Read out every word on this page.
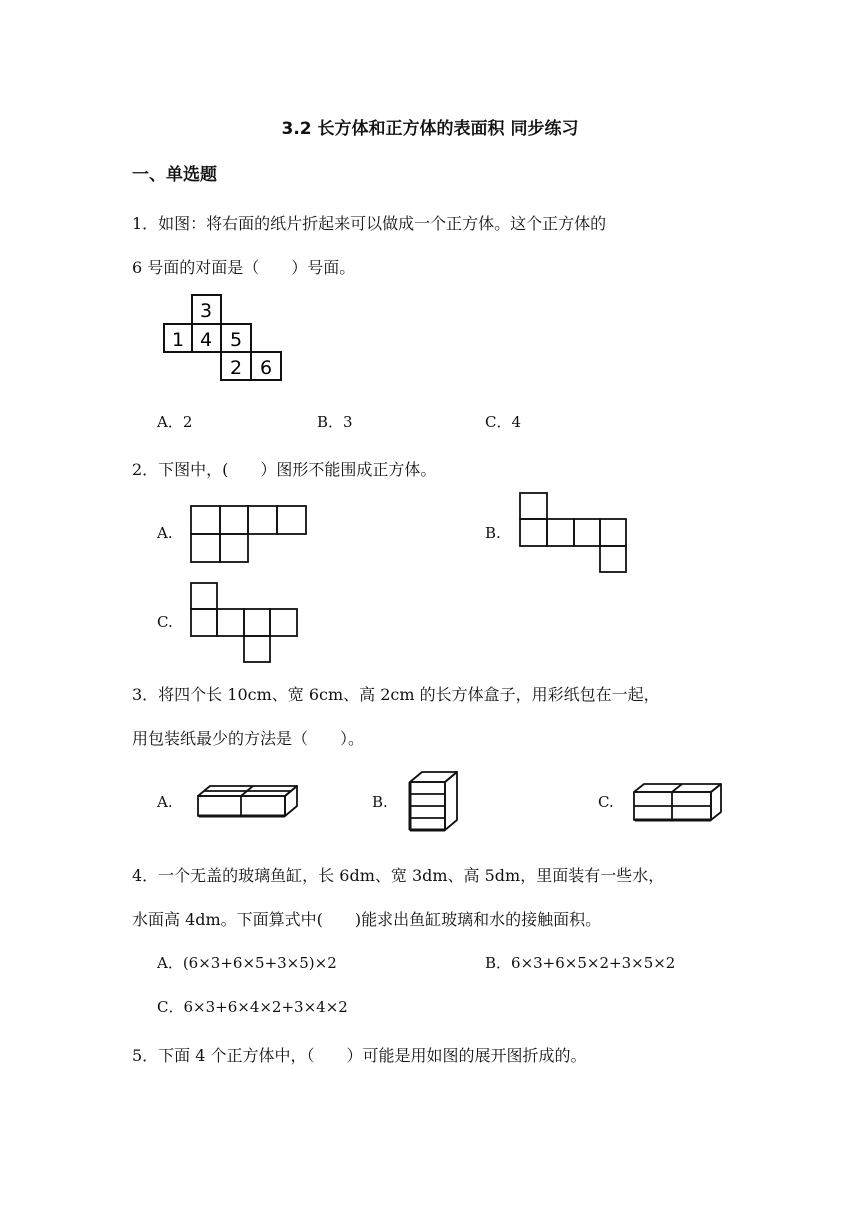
3.2 长方体和正方体的表面积 同步练习
一、单选题
1．如图：将右面的纸片折起来可以做成一个正方体。这个正方体的
6 号面的对面是（　　）号面。
3
1 4 5
2 6
A．2	B．3	C．4
2．下图中，(　　）图形不能围成正方体。
A.	B.
C.
3．将四个长 10cm、宽 6cm、高 2cm 的长方体盒子，用彩纸包在一起，
用包装纸最少的方法是（　　）。
A.	B.	C.
4．一个无盖的玻璃鱼缸，长 6dm、宽 3dm、高 5dm，里面装有一些水，
水面高 4dm。下面算式中(　　)能求出鱼缸玻璃和水的接触面积。
A．(6×3+6×5+3×5)×2	B．6×3+6×5×2+3×5×2
C．6×3+6×4×2+3×4×2
5．下面 4 个正方体中，（　　）可能是用如图的展开图折成的。
